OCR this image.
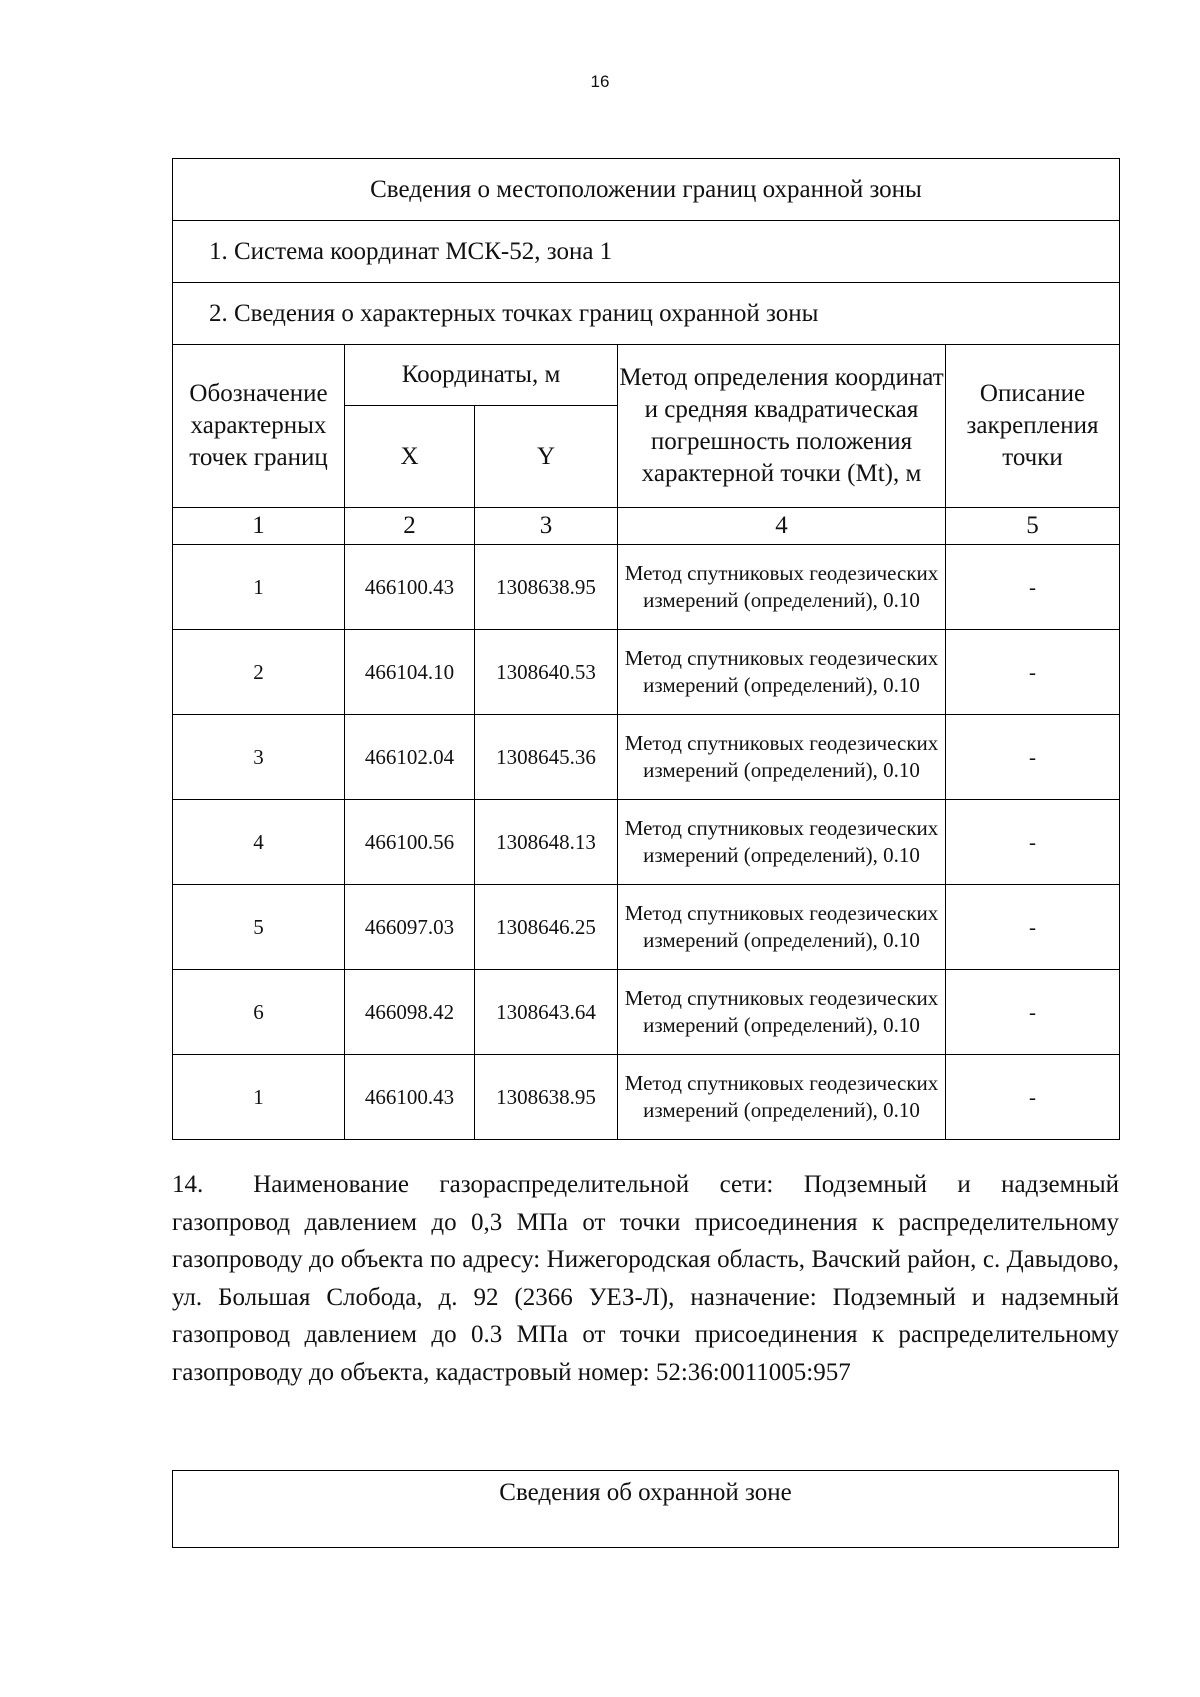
16
Сведения о местоположении границ охранной зоны				
1. Система координат МСК-52, зона 1				
2. Сведения о характерных точках границ охранной зоны				
Обозначение характерных точек границ	Координаты, м		Метод определения координат и средняя квадратическая погрешность положения характерной точки (Mt), м	Описание закрепления точки
	X	Y		
1	2	3	4	5
1	466100.43	1308638.95	Метод спутниковых геодезических измерений (определений), 0.10	-
2	466104.10	1308640.53	Метод спутниковых геодезических измерений (определений), 0.10	-
3	466102.04	1308645.36	Метод спутниковых геодезических измерений (определений), 0.10	-
4	466100.56	1308648.13	Метод спутниковых геодезических измерений (определений), 0.10	-
5	466097.03	1308646.25	Метод спутниковых геодезических измерений (определений), 0.10	-
6	466098.42	1308643.64	Метод спутниковых геодезических измерений (определений), 0.10	-
1	466100.43	1308638.95	Метод спутниковых геодезических измерений (определений), 0.10	-

14.  Наименование газораспределительной сети: Подземный и надземный газопровод давлением до 0,3 МПа от точки присоединения к распределительному газопроводу до объекта по адресу: Нижегородская область, Вачский район, с. Давыдово, ул. Большая Слобода, д. 92 (2366 УЕЗ-Л), назначение: Подземный и надземный газопровод давлением до 0.3 МПа от точки присоединения к распределительному газопроводу до объекта, кадастровый номер: 52:36:0011005:957

Сведения об охранной зоне
